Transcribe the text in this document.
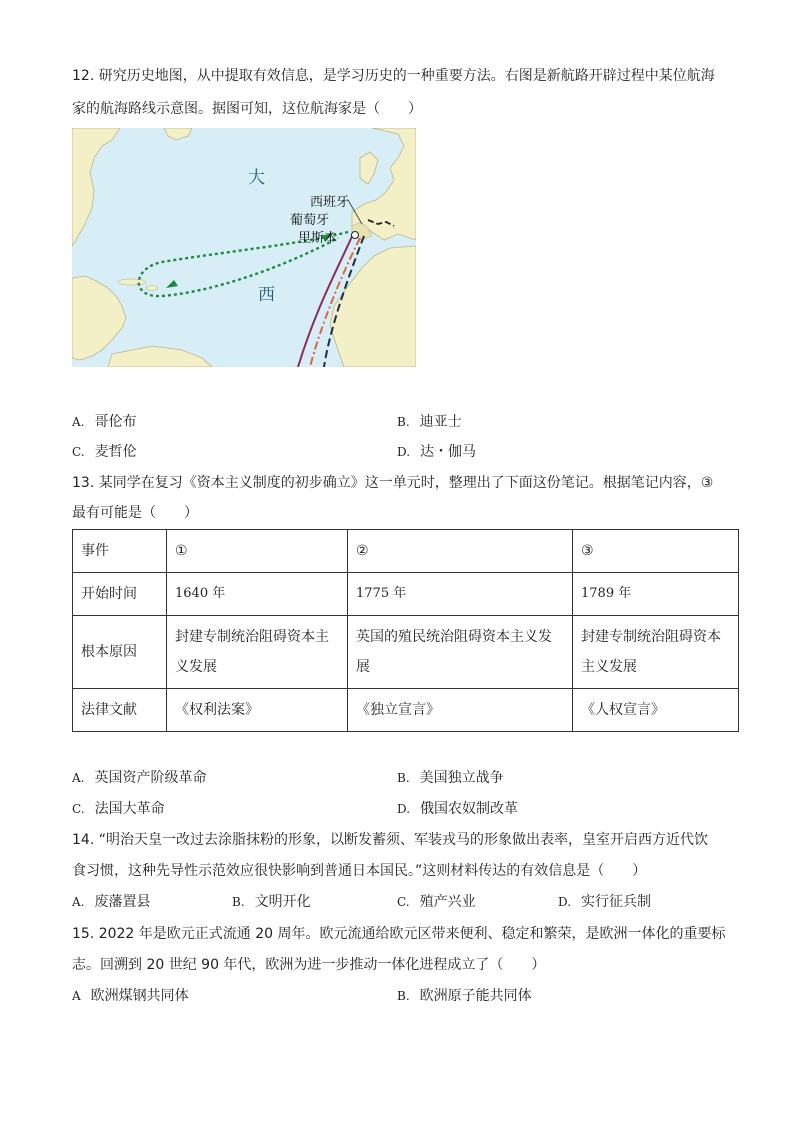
12. 研究历史地图，从中提取有效信息，是学习历史的一种重要方法。右图是新航路开辟过程中某位航海
家的航海路线示意图。据图可知，这位航海家是（　　）
大
西
西班牙
葡萄牙
里斯本
A. 哥伦布	B. 迪亚士
C. 麦哲伦	D. 达・伽马
13. 某同学在复习《资本主义制度的初步确立》这一单元时，整理出了下面这份笔记。根据笔记内容，③
最有可能是（　　）
事件	①	②	③
开始时间	1640 年	1775 年	1789 年
根本原因	封建专制统治阻碍资本主义发展	英国的殖民统治阻碍资本主义发展	封建专制统治阻碍资本主义发展
法律文献	《权利法案》	《独立宣言》	《人权宣言》
A. 英国资产阶级革命	B. 美国独立战争
C. 法国大革命	D. 俄国农奴制改革
14. “明治天皇一改过去涂脂抹粉的形象，以断发蓄须、军装戎马的形象做出表率，皇室开启西方近代饮
食习惯，这种先导性示范效应很快影响到普通日本国民。”这则材料传达的有效信息是（　　）
A. 废藩置县	B. 文明开化	C. 殖产兴业	D. 实行征兵制
15. 2022 年是欧元正式流通 20 周年。欧元流通给欧元区带来便利、稳定和繁荣，是欧洲一体化的重要标
志。回溯到 20 世纪 90 年代，欧洲为进一步推动一体化进程成立了（　　）
A 欧洲煤钢共同体	B. 欧洲原子能共同体
